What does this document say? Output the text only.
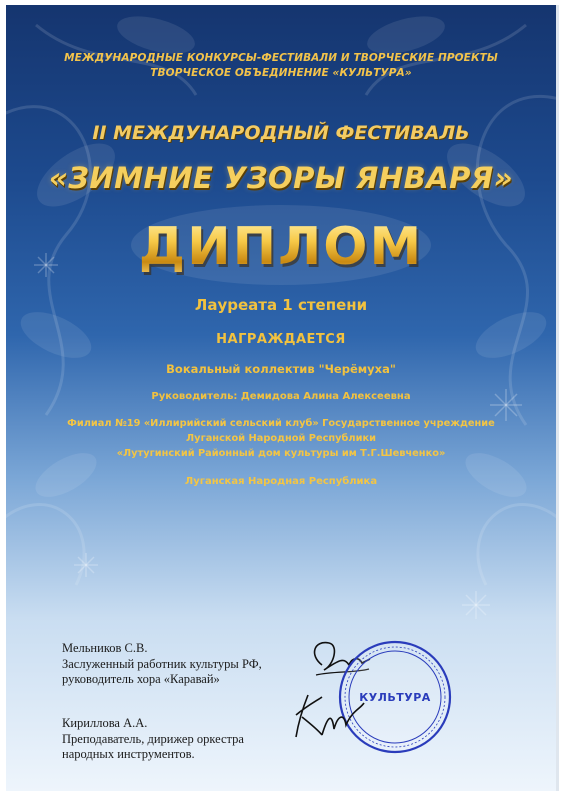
МЕЖДУНАРОДНЫЕ КОНКУРСЫ-ФЕСТИВАЛИ И ТВОРЧЕСКИЕ ПРОЕКТЫ

ТВОРЧЕСКОЕ ОБЪЕДИНЕНИЕ «КУЛЬТУРА»

II МЕЖДУНАРОДНЫЙ ФЕСТИВАЛЬ

«ЗИМНИЕ УЗОРЫ ЯНВАРЯ»

ДИПЛОМ

Лауреата 1 степени

НАГРАЖДАЕТСЯ

Вокальный коллектив "Черёмуха"

Руководитель: Демидова Алина Алексеевна

Филиал №19 «Иллирийский сельский клуб» Государственное учреждение

Луганской Народной Республики

«Лутугинский Районный дом культуры им Т.Г.Шевченко»

Луганская Народная Республика

Мельников С.В.
Заслуженный работник культуры РФ,
руководитель хора «Каравай»
Кириллова А.А.
Преподаватель, дирижер оркестра
народных инструментов.
КУЛЬТУРА
